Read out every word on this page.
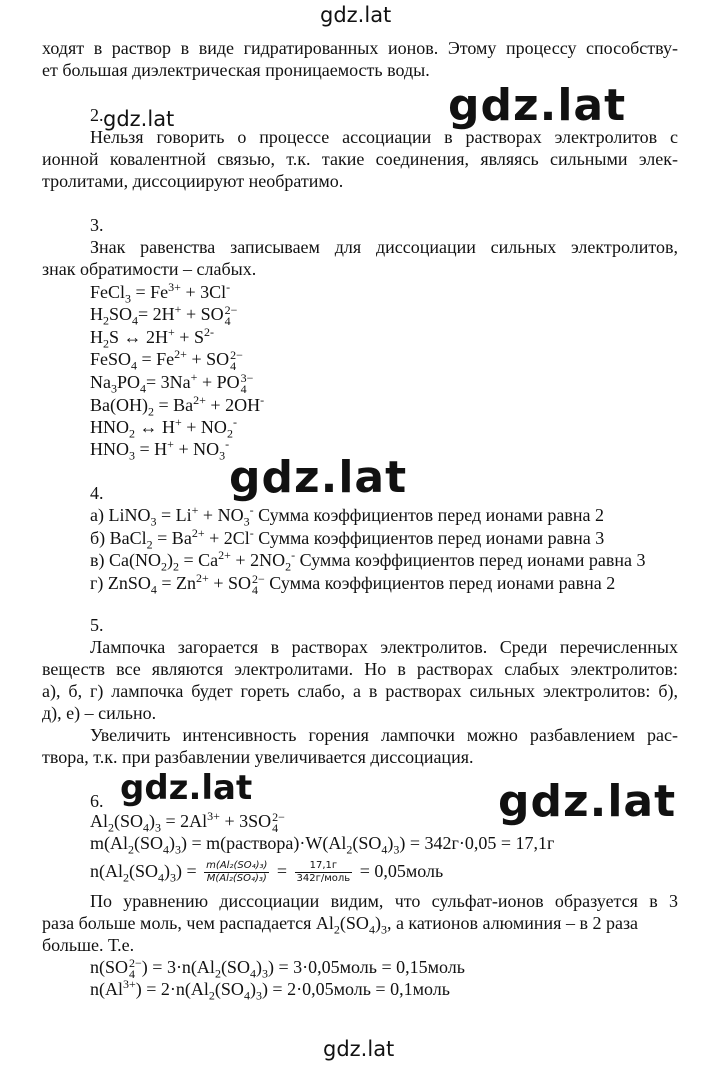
gdz.lat
gdz.lat	gdz.lat
gdz.lat
gdz.lat	gdz.lat
gdz.lat
ходят в раствор в виде гидратированных ионов. Этому процессу способству-
ет большая диэлектрическая проницаемость воды.
2.
Нельзя говорить о процессе ассоциации в растворах электролитов с
ионной ковалентной связью, т.к. такие соединения, являясь сильными элек-
тролитами, диссоциируют необратимо.
3.
Знак равенства записываем для диссоциации сильных электролитов,
знак обратимости – слабых.
FeCl$_3$ = $Fe^{3+} + 3Cl^-$
$H_2SO_4= 2H^+$ + SO 2−
4
$H_2S$ ↔ $2H^+ + S^{2-}$
FeSO$_4$ = $Fe^{2+}$ + SO 2−
4
$Na_3PO_4= 3Na^+$ + PO 3−
4
$Ba(OH)_2 = Ba^{2+} + 2OH^-$
$HNO_2$ ↔ $H^+ + NO_2^-$
$HNO_3 = H^+ + NO_3^-$
4.
а) LiNO$_3$ = $Li^+ + NO_3^-$ Сумма коэффициентов перед ионами равна 2
б) BaCl$_2$ = $Ba^{2+} + 2Cl^-$ Сумма коэффициентов перед ионами равна 3
в) $Ca(NO_2)_2 = Ca^{2+} + 2NO_2^-$ Сумма коэффициентов перед ионами равна 3
г) ZnSO$_4$ = $Zn^{2+}$ + SO 2−
4 Сумма коэффициентов перед ионами равна 2
5.
Лампочка загорается в растворах электролитов. Среди перечисленных
веществ все являются электролитами. Но в растворах слабых электролитов:
а), б, г) лампочка будет гореть слабо, а в растворах сильных электролитов: б),
д), е) – сильно.
Увеличить интенсивность горения лампочки можно разбавлением рас-
твора, т.к. при разбавлении увеличивается диссоциация.
6.
$Al_2(SO_4)_3 = 2Al^{3+} + 3SO$ 2−
4
$m(Al_2(SO_4)_3)$ = $m(раствора)\cdot W(Al_2(SO_4)_3) = 342г\cdot 0,05 = 17,1г$
$n(Al_2(SO_4)_3) = \frac{\text{m(Al₂(SO₄)₃)}}{\text{M(Al₂(SO₄)₃)}} = \frac{17,1г}{\text{342г/моль}}$ = 0,05моль
По уравнению диссоциации видим, что сульфат-ионов образуется в 3
раза больше моль, чем распадается $Al_2(SO_4)_3$, а катионов алюминия – в 2 раза
больше. Т.е.
n(SO 2−
4 ) = $3\cdot n(Al_2(SO_4)_3)$ = 3·0,05моль = 0,15моль
$n(Al^{3+}) = 2\cdot n(Al_2(SO_4)_3)$ = 2·0,05моль = 0,1моль
